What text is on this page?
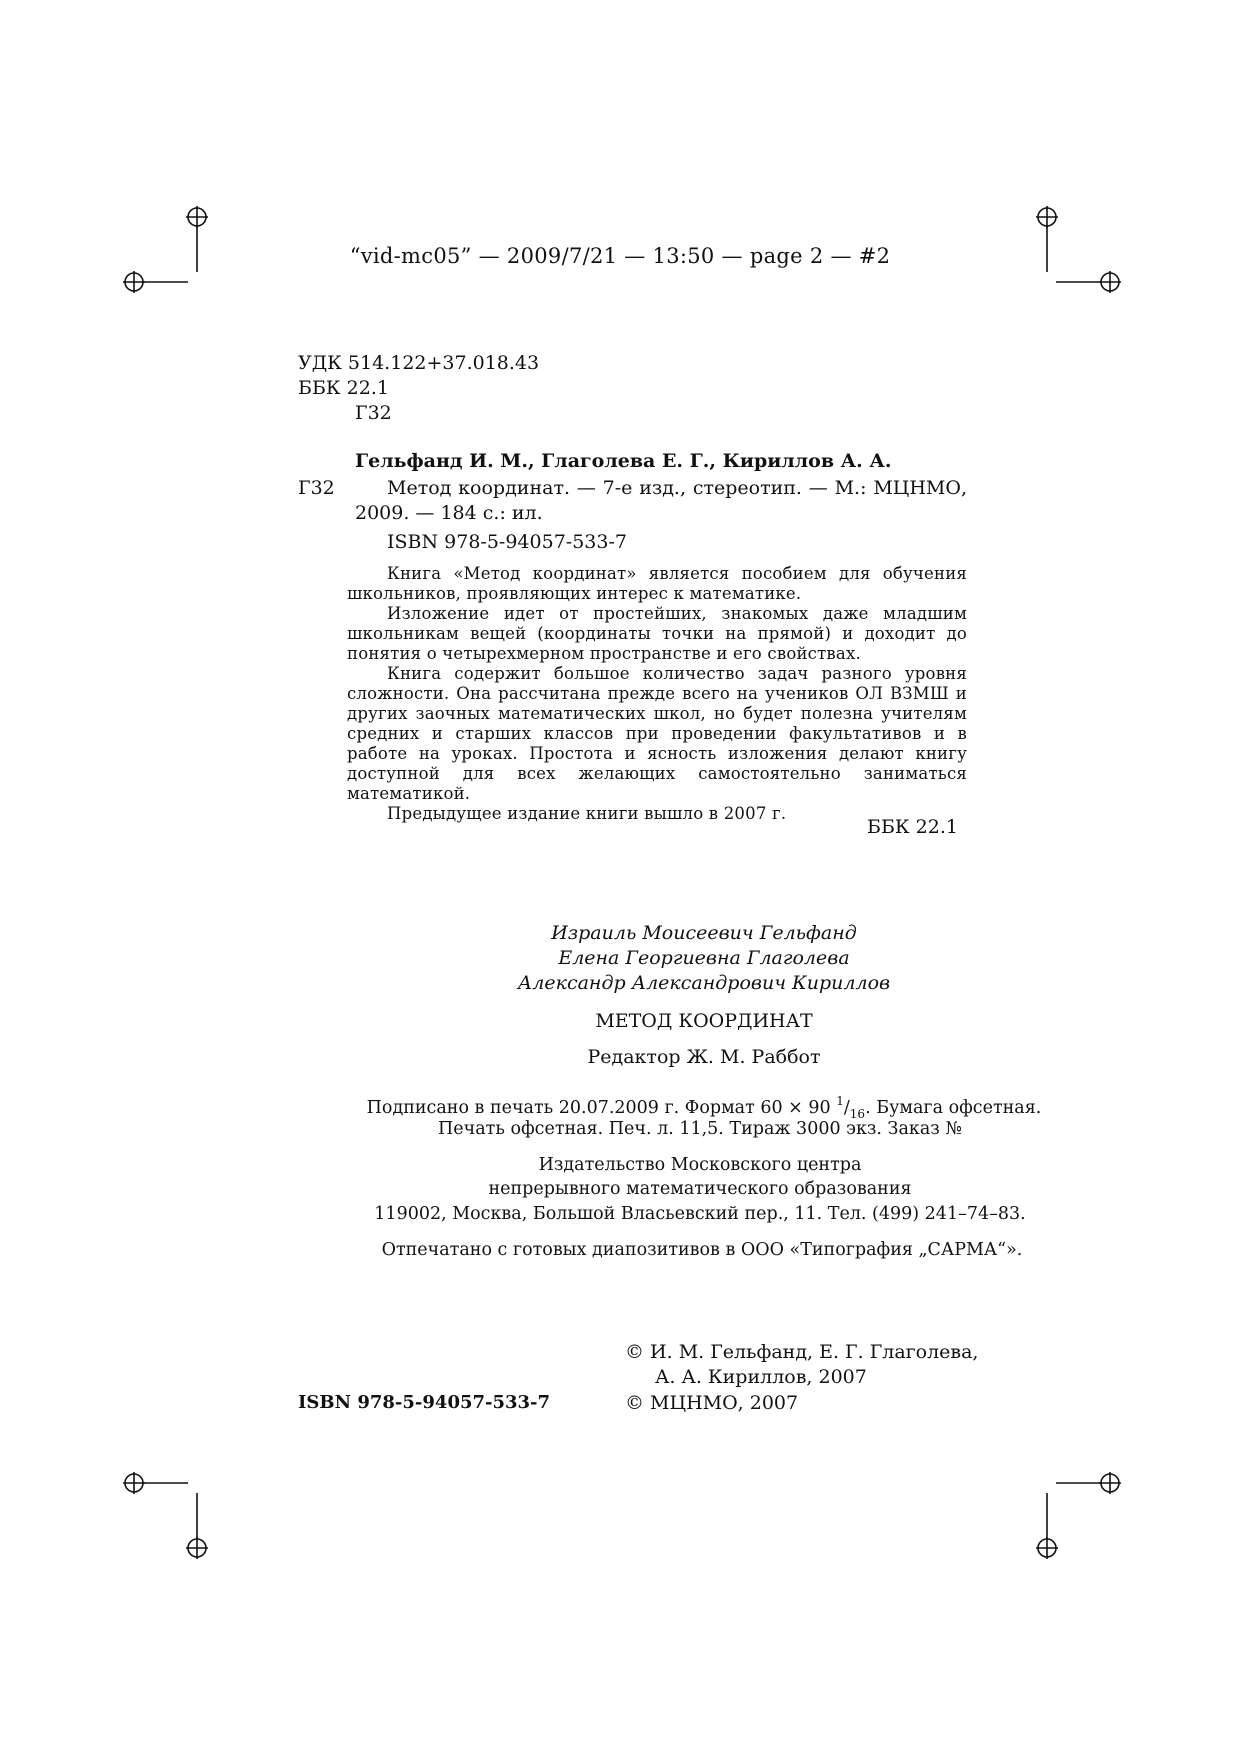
“vid-mc05” — 2009/7/21 — 13:50 — page 2 — #2
УДК 514.122+37.018.43
ББК 22.1
Г32
Гельфанд И. М., Глаголева Е. Г., Кириллов А. А.
Г32	Метод координат. — 7-е изд., стереотип. — М.: МЦНМО,
2009. — 184 с.: ил.
ISBN 978-5-94057-533-7

Книга «Метод координат» является пособием для обучения школьников, проявляющих интерес к математике.

Изложение идет от простейших, знакомых даже младшим школьникам вещей (координаты точки на прямой) и доходит до понятия о четырехмерном пространстве и его свойствах.

Книга содержит большое количество задач разного уровня сложности. Она рассчитана прежде всего на учеников ОЛ ВЗМШ и других заочных математических школ, но будет полезна учителям средних и старших классов при проведении факультативов и в работе на уроках. Простота и ясность изложения делают книгу доступной для всех желающих самостоятельно заниматься математикой.

Предыдущее издание книги вышло в 2007 г.

ББК 22.1
Израиль Моисеевич Гельфанд
Елена Георгиевна Глаголева
Александр Александрович Кириллов
МЕТОД КООРДИНАТ
Редактор Ж. М. Раббот
Подписано в печать 20.07.2009 г. Формат 60 × 90 $^1/_{16}$. Бумага офсетная.
Печать офсетная. Печ. л. 11,5. Тираж 3000 экз. Заказ №
Издательство Московского центра
непрерывного математического образования
119002, Москва, Большой Власьевский пер., 11. Тел. (499) 241–74–83.
Отпечатано с готовых диапозитивов в ООО «Типография „САРМА“».
© И. М. Гельфанд, Е. Г. Глаголева,
А. А. Кириллов, 2007
© МЦНМО, 2007
ISBN 978-5-94057-533-7
